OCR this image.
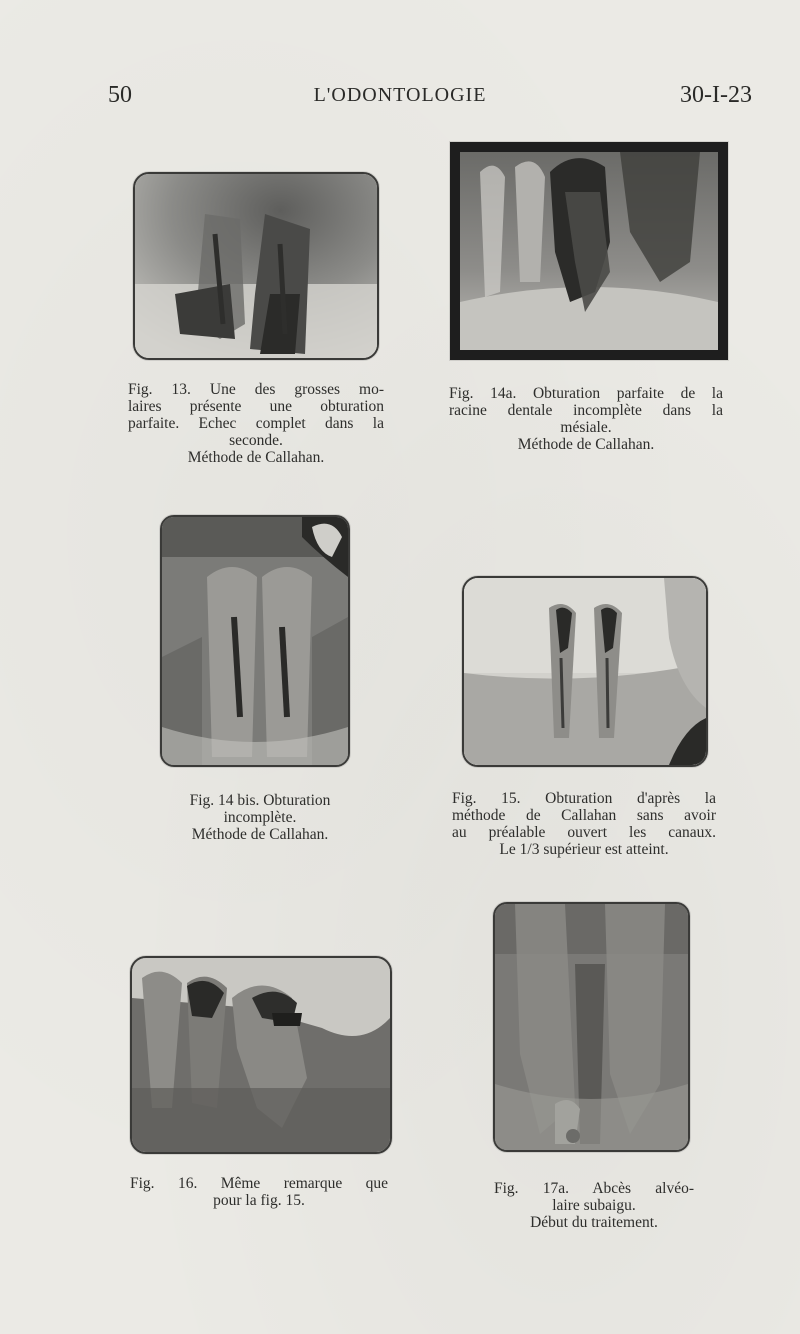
50	L'ODONTOLOGIE	30-I-23
Fig. 13. Une des grosses mo-
laires présente une obturation
parfaite. Echec complet dans la
seconde.
Méthode de Callahan.
Fig. 14a. Obturation parfaite de la
racine dentale incomplète dans la
mésiale.
Méthode de Callahan.
Fig. 14 bis. Obturation
incomplète.
Méthode de Callahan.
Fig. 15. Obturation d'après la
méthode de Callahan sans avoir
au préalable ouvert les canaux.
Le 1/3 supérieur est atteint.
Fig. 16. Même remarque que
pour la fig. 15.
Fig. 17a. Abcès alvéo-
laire subaigu.
Début du traitement.
